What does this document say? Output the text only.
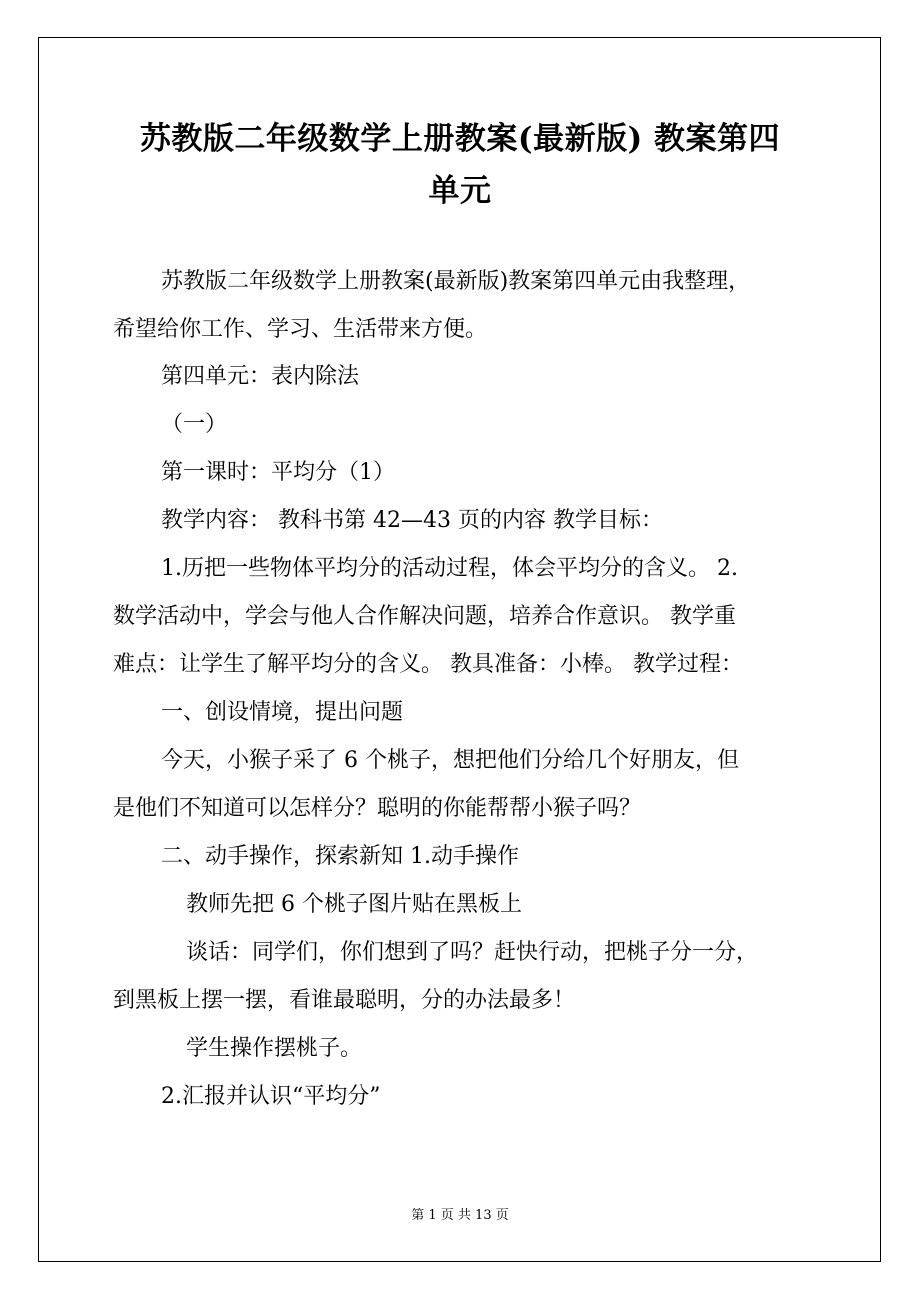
苏教版二年级数学上册教案(最新版) 教案第四
单元
苏教版二年级数学上册教案(最新版)教案第四单元由我整理，
希望给你工作、学习、生活带来方便。
第四单元：表内除法
（一）
第一课时：平均分（1）
教学内容： 教科书第 42—43 页的内容 教学目标：
1.历把一些物体平均分的活动过程，体会平均分的含义。 2.
数学活动中，学会与他人合作解决问题，培养合作意识。 教学重
难点：让学生了解平均分的含义。 教具准备：小棒。 教学过程：
一、创设情境，提出问题
今天，小猴子采了 6 个桃子，想把他们分给几个好朋友，但
是他们不知道可以怎样分？聪明的你能帮帮小猴子吗？
二、动手操作，探索新知 1.动手操作
教师先把 6 个桃子图片贴在黑板上
谈话：同学们，你们想到了吗？赶快行动，把桃子分一分，
到黑板上摆一摆，看谁最聪明，分的办法最多！
学生操作摆桃子。
2.汇报并认识“平均分”
第 1 页 共 13 页
